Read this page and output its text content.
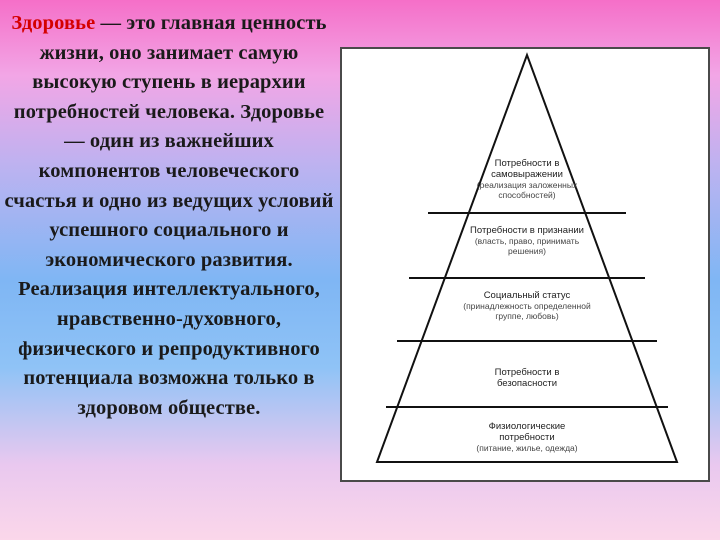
Здоровье — это главная ценность жизни, оно занимает самую высокую ступень в иерархии потребностей человека. Здоровье — один из важнейших компонентов человеческого счастья и одно из ведущих условий успешного социального и экономического развития. Реализация интеллектуального, нравственно-духовного, физического и репродуктивного потенциала возможна только в здоровом обществе.
Потребности в самовыражении
(реализация заложенных способностей)
Потребности в признании
(власть, право, принимать решения)
Социальный статус
(принадлежность определенной группе, любовь)
Потребности в безопасности
Физиологические потребности
(питание, жилье, одежда)
